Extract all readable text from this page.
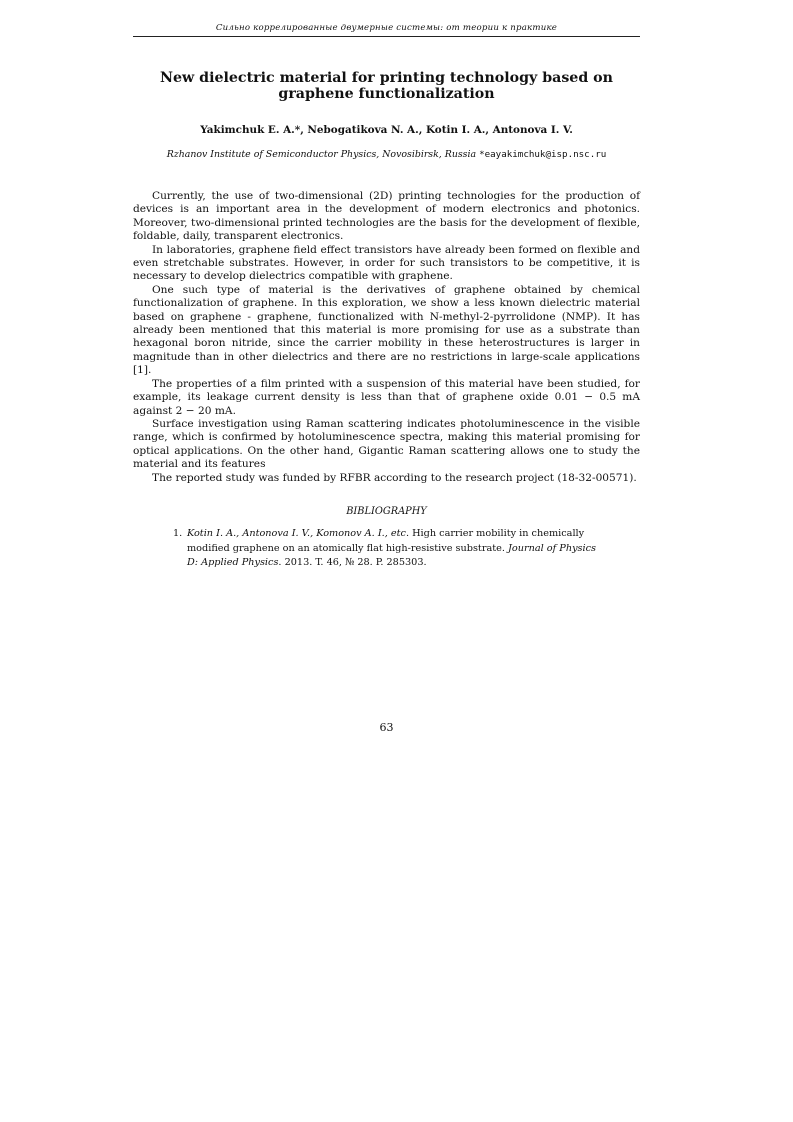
Сильно коррелированные двумерные системы: от теории к практике
New dielectric material for printing technology based on graphene functionalization
Yakimchuk E. A.*, Nebogatikova N. A., Kotin I. A., Antonova I. V.
Rzhanov Institute of Semiconductor Physics, Novosibirsk, Russia *eayakimchuk@isp.nsc.ru

Currently, the use of two-dimensional (2D) printing technologies for the production of devices is an important area in the development of modern electronics and photonics. Moreover, two-dimensional printed technologies are the basis for the development of flexible, foldable, daily, transparent electronics.

In laboratories, graphene field effect transistors have already been formed on flexible and even stretchable substrates. However, in order for such transistors to be competitive, it is necessary to develop dielectrics compatible with graphene.

One such type of material is the derivatives of graphene obtained by chemical functionalization of graphene. In this exploration, we show a less known dielectric material based on graphene - graphene, functionalized with N-methyl-2-pyrrolidone (NMP). It has already been mentioned that this material is more promising for use as a substrate than hexagonal boron nitride, since the carrier mobility in these heterostructures is larger in magnitude than in other dielectrics and there are no restrictions in large-scale applications [1].

The properties of a film printed with a suspension of this material have been studied, for example, its leakage current density is less than that of graphene oxide 0.01 − 0.5 mA against 2 − 20 mA.

Surface investigation using Raman scattering indicates photoluminescence in the visible range, which is confirmed by hotoluminescence spectra, making this material promising for optical applications. On the other hand, Gigantic Raman scattering allows one to study the material and its features

The reported study was funded by RFBR according to the research project (18-32-00571).

BIBLIOGRAPHY
1. Kotin I. A., Antonova I. V., Komonov A. I., etc. High carrier mobility in chemically modified graphene on an atomically flat high-resistive substrate. Journal of Physics D: Applied Physics. 2013. T. 46, № 28. P. 285303.
63
